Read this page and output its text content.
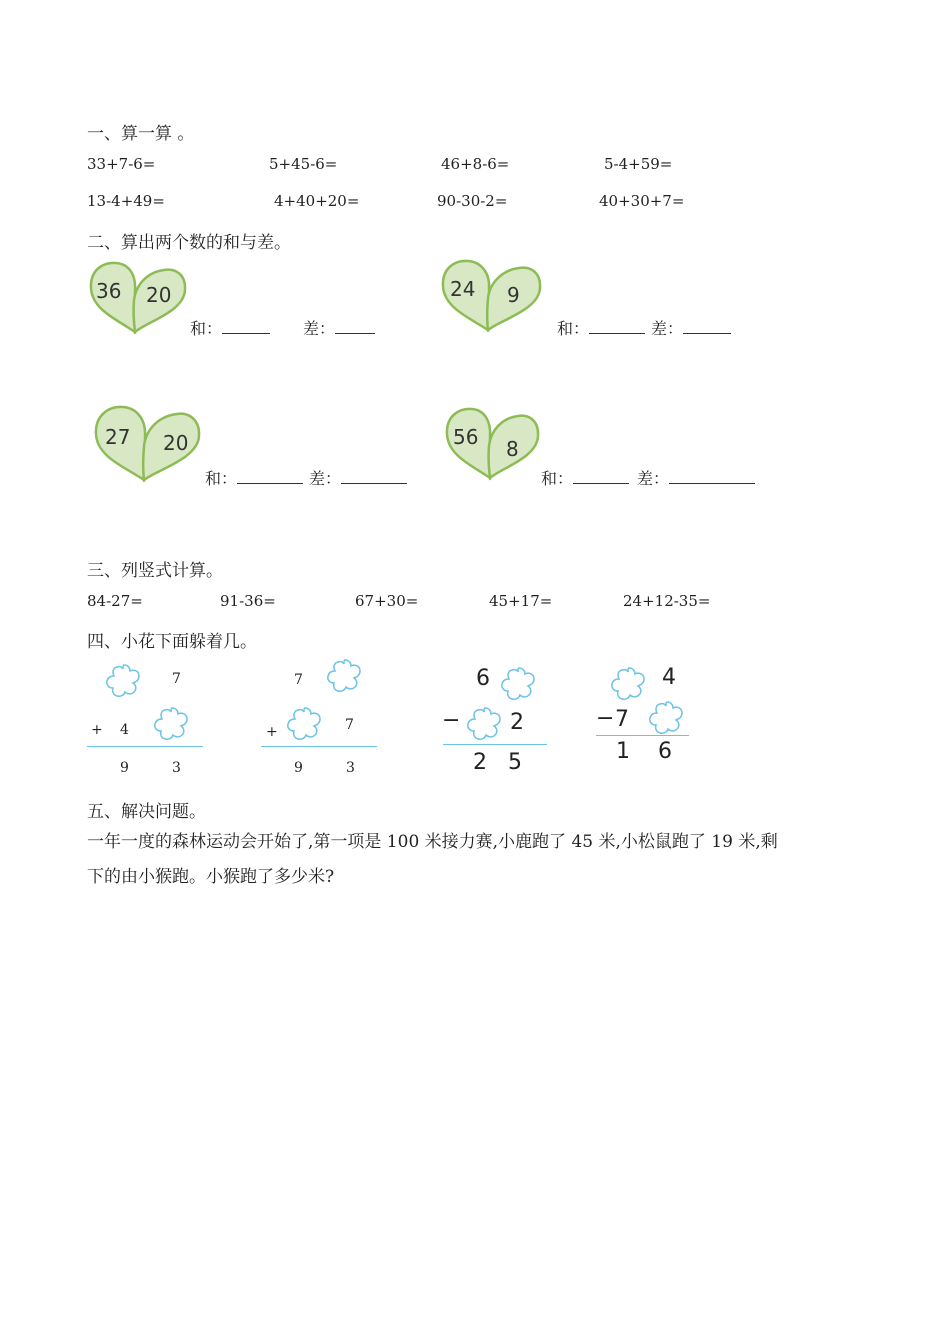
一、算一算 。
33+7-6=	5+45-6=	46+8-6=	5-4+59=
13-4+49=	4+40+20=	90-30-2=	40+30+7=
二、算出两个数的和与差。
36 20
和：	差：
24 9
和：	差：
27 20
和：	差：
56 8
和：	差：
三、列竖式计算。
84-27=	91-36=	67+30=	45+17=	24+12-35=
四、小花下面躲着几。
7
+ 4
9	3
7
+	7
9	3
6
− 2
2 5
4
− 7
1 6
五、解决问题。
一年一度的森林运动会开始了,第一项是 100 米接力赛,小鹿跑了 45 米,小松鼠跑了 19 米,剩
下的由小猴跑。小猴跑了多少米?
